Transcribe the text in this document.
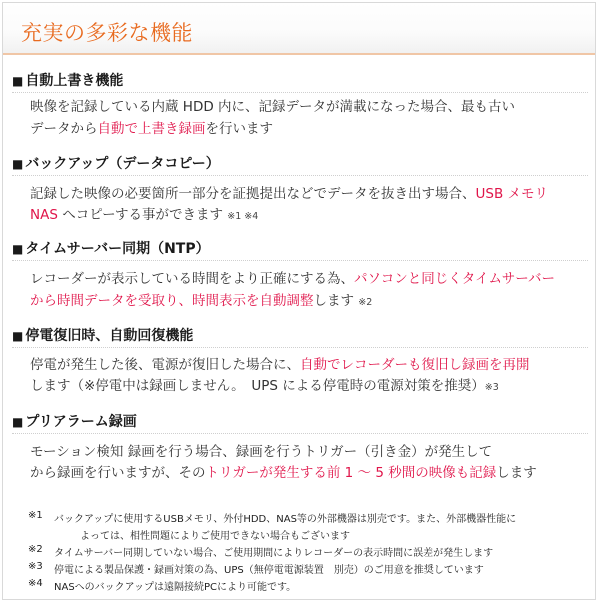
充実の多彩な機能
■ 自動上書き機能
映像を記録している内蔵 HDD 内に、記録データが満載になった場合、最も古い
データから自動で上書き録画を行います
■ バックアップ（データコピー）
記録した映像の必要箇所一部分を証拠提出などでデータを抜き出す場合、USB メモリ
NAS へコピーする事ができます ※1 ※4
■ タイムサーバー同期（NTP）
レコーダーが表示している時間をより正確にする為、パソコンと同じくタイムサーバー
から時間データを受取り、時間表示を自動調整します ※2
■ 停電復旧時、自動回復機能
停電が発生した後、電源が復旧した場合に、自動でレコーダーも復旧し録画を再開
します（※停電中は録画しません。　UPS による停電時の電源対策を推奨）※3
■ プリアラーム録画
モーション検知 録画を行う場合、録画を行うトリガー（引き金）が発生して
から録画を行いますが、そのトリガーが発生する前 1 ～ 5 秒間の映像も記録します
※1 バックアップに使用するUSBメモリ、外付HDD、NAS等の外部機器は別売です。また、外部機器性能に
よっては、相性問題によりご使用できない場合もございます
※2 タイムサーバー同期していない場合、ご使用期間によりレコーダーの表示時間に誤差が発生します
※3 停電による製品保護・録画対策の為、UPS（無停電電源装置　別売）のご用意を推奨しています
※4 NASへのバックアップは遠隔接続PCにより可能です。
